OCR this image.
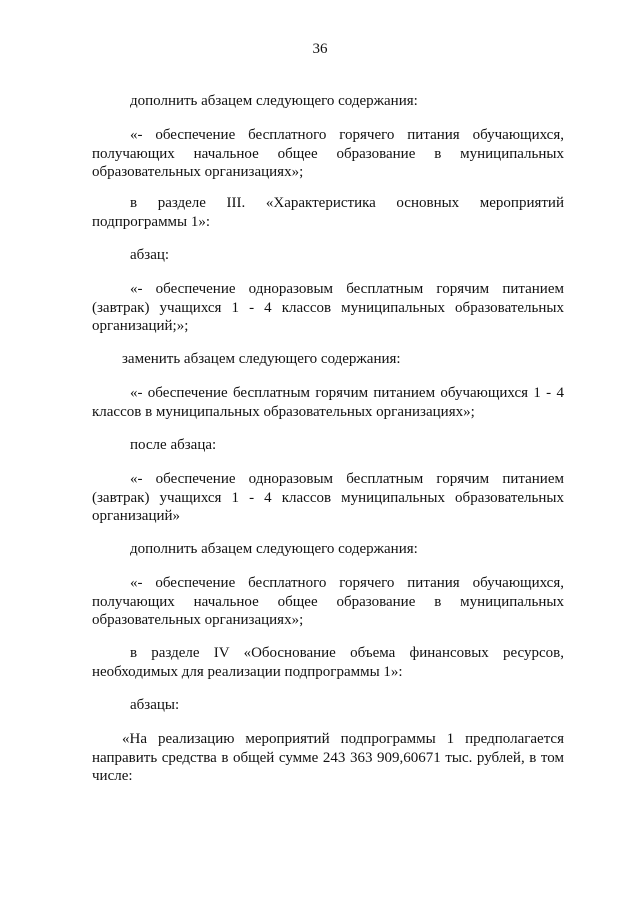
36

дополнить абзацем следующего содержания:

«- обеспечение бесплатного горячего питания обучающихся, получающих начальное общее образование в муниципальных образовательных организациях»;

в разделе III. «Характеристика основных мероприятий подпрограммы 1»:

абзац:

«- обеспечение одноразовым бесплатным горячим питанием (завтрак) учащихся 1 - 4 классов муниципальных образовательных организаций;»;

заменить абзацем следующего содержания:

«- обеспечение бесплатным горячим питанием обучающихся 1 - 4 классов в муниципальных образовательных организациях»;

после абзаца:

«- обеспечение одноразовым бесплатным горячим питанием (завтрак) учащихся 1 - 4 классов муниципальных образовательных организаций»

дополнить абзацем следующего содержания:

«- обеспечение бесплатного горячего питания обучающихся, получающих начальное общее образование в муниципальных образовательных организациях»;

в разделе IV «Обоснование объема финансовых ресурсов, необходимых для реализации подпрограммы 1»:

абзацы:

«На реализацию мероприятий подпрограммы 1 предполагается направить средства в общей сумме 243 363 909,60671 тыс. рублей, в том числе:
